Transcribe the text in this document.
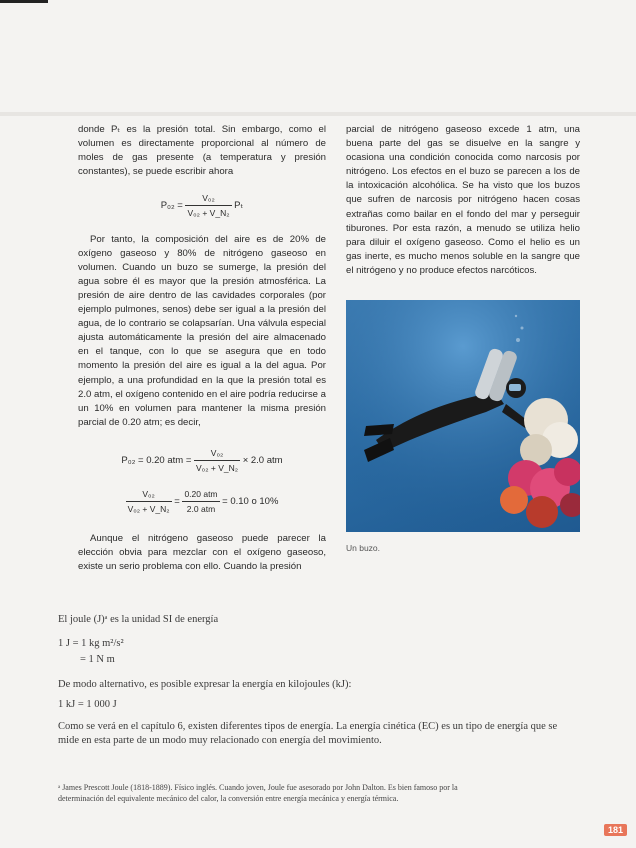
donde Pₜ es la presión total. Sin embargo, como el volumen es directamente proporcional al número de moles de gas presente (a temperatura y presión constantes), se puede escribir ahora

$P_{02} = \frac{\text{V₀₂}}{\text{V₀₂ + V\_N₂}}$ Pₜ

Por tanto, la composición del aire es de 20% de oxígeno gaseoso y 80% de nitrógeno gaseoso en volumen. Cuando un buzo se sumerge, la presión del agua sobre él es mayor que la presión atmosférica. La presión de aire dentro de las cavidades corporales (por ejemplo pulmones, senos) debe ser igual a la presión del agua, de lo contrario se colapsarían. Una válvula especial ajusta automáticamente la presión del aire almacenado en el tanque, con lo que se asegura que en todo momento la presión del aire es igual a la del agua. Por ejemplo, a una profundidad en la que la presión total es 2.0 atm, el oxígeno contenido en el aire podría reducirse a un 10% en volumen para mantener la misma presión parcial de 0.20 atm; es decir,

P₀₂ = 0.20 atm = $\frac{\text{V₀₂}}{\text{V₀₂ + V\_N₂}} \times 2.0$ atm
$\frac{\text{V₀₂}}{\text{V₀₂ + V\_N₂}} = \frac{\text{0.20 atm}}{\text{2.0 atm}} = 0.10$ o 10%

Aunque el nitrógeno gaseoso puede parecer la elección obvia para mezclar con el oxígeno gaseoso, existe un serio problema con ello. Cuando la presión

parcial de nitrógeno gaseoso excede 1 atm, una buena parte del gas se disuelve en la sangre y ocasiona una condición conocida como narcosis por nitrógeno. Los efectos en el buzo se parecen a los de la intoxicación alcohólica. Se ha visto que los buzos que sufren de narcosis por nitrógeno hacen cosas extrañas como bailar en el fondo del mar y perseguir tiburones. Por esta razón, a menudo se utiliza helio para diluir el oxígeno gaseoso. Como el helio es un gas inerte, es mucho menos soluble en la sangre que el nitrógeno y no produce efectos narcóticos.

Un buzo.

El joule (J)ᵃ es la unidad SI de energía

1 J = 1 kg m²/s²

= 1 N m

De modo alternativo, es posible expresar la energía en kilojoules (kJ):

1 kJ = 1 000 J

Como se verá en el capítulo 6, existen diferentes tipos de energía. La energía cinética (EC) es un tipo de energía que se mide en esta parte de un modo muy relacionado con energía del movimiento.

ᵃ James Prescott Joule (1818-1889). Físico inglés. Cuando joven, Joule fue asesorado por John Dalton. Es bien famoso por la determinación del equivalente mecánico del calor, la conversión entre energía mecánica y energía térmica.
181
